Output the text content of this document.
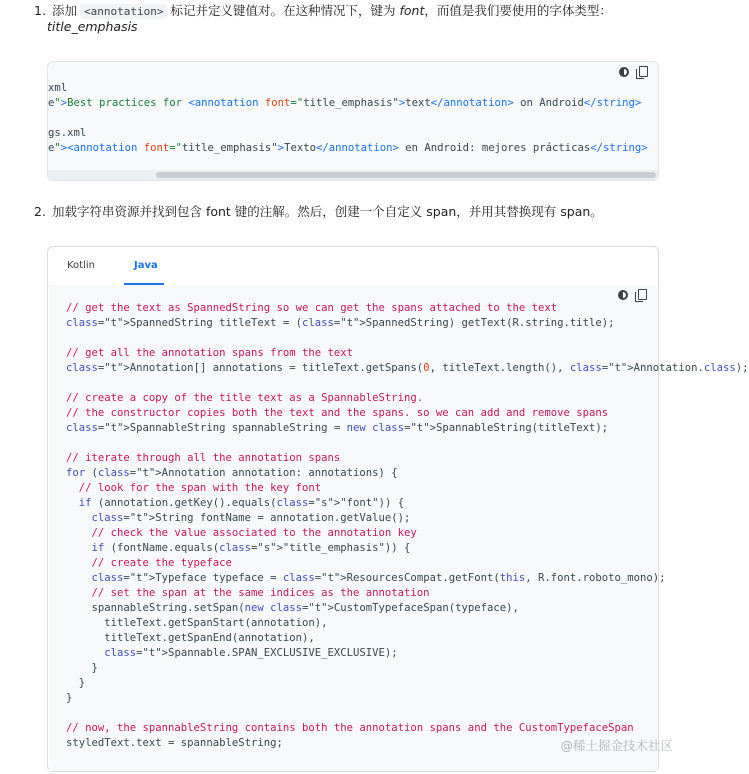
1. 添加 <annotation> 标记并定义键值对。在这种情况下，键为 font，而值是我们要使用的字体类型：
title_emphasis
xml
e">Best practices for <annotation font="title_emphasis">text</annotation> on Android</string>

gs.xml
e"><annotation font="title_emphasis">Texto</annotation> en Android: mejores prácticas</string>
2. 加载字符串资源并找到包含 font 键的注解。然后，创建一个自定义 span，并用其替换现有 span。
Kotlin	Java
// get the text as SpannedString so we can get the spans attached to the text
class="t">SpannedString titleText = (class="t">SpannedString) getText(R.string.title);

// get all the annotation spans from the text
class="t">Annotation[] annotations = titleText.getSpans(0, titleText.length(), class="t">Annotation.class);

// create a copy of the title text as a SpannableString.
// the constructor copies both the text and the spans. so we can add and remove spans
class="t">SpannableString spannableString = new class="t">SpannableString(titleText);

// iterate through all the annotation spans
for (class="t">Annotation annotation: annotations) {
// look for the span with the key font
if (annotation.getKey().equals(class="s">"font")) {
class="t">String fontName = annotation.getValue();
// check the value associated to the annotation key
if (fontName.equals(class="s">"title_emphasis")) {
// create the typeface
class="t">Typeface typeface = class="t">ResourcesCompat.getFont(this, R.font.roboto_mono);
// set the span at the same indices as the annotation
spannableString.setSpan(new class="t">CustomTypefaceSpan(typeface),
titleText.getSpanStart(annotation),
titleText.getSpanEnd(annotation),
class="t">Spannable.SPAN_EXCLUSIVE_EXCLUSIVE);
}
}
}

// now, the spannableString contains both the annotation spans and the CustomTypefaceSpan
styledText.text = spannableString;	@稀土掘金技术社区
